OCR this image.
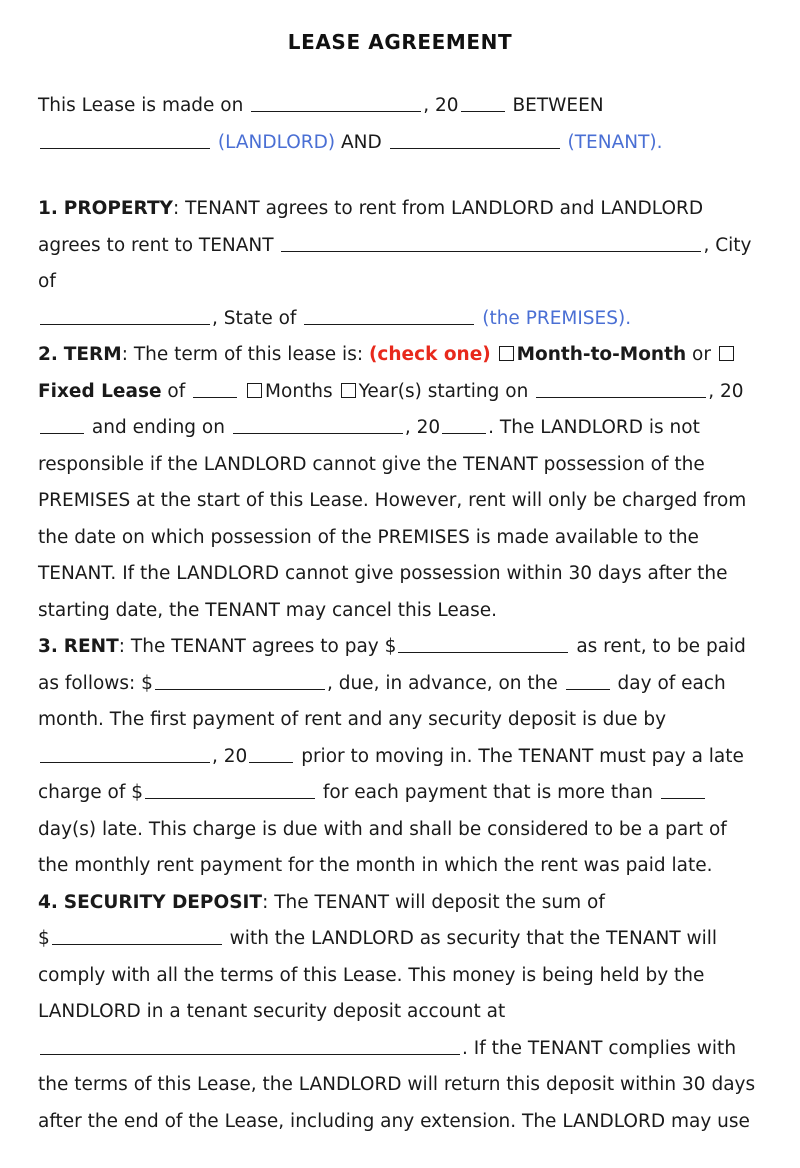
LEASE AGREEMENT

This Lease is made on	, 20	BETWEEN
(LANDLORD) AND	(TENANT).

1. PROPERTY: TENANT agrees to rent from LANDLORD and LANDLORD agrees to rent to TENANT	, City of
, State of	(the PREMISES).

2. TERM: The term of this lease is: (check one) Month-to-Month or
Fixed Lease of	Months Year(s) starting on	, 20
and ending on	, 20	. The LANDLORD is not responsible if the LANDLORD cannot give the TENANT possession of the PREMISES at the start of this Lease. However, rent will only be charged from the date on which possession of the PREMISES is made available to the TENANT. If the LANDLORD cannot give possession within 30 days after the starting date, the TENANT may cancel this Lease.

3. RENT: The TENANT agrees to pay $	as rent, to be paid as follows: $	, due, in advance, on the	day of each month. The first payment of rent and any security deposit is due by , 20	prior to moving in. The TENANT must pay a late charge of $	for each payment that is more than  day(s) late. This charge is due with and shall be considered to be a part of the monthly rent payment for the month in which the rent was paid late.

4. SECURITY DEPOSIT: The TENANT will deposit the sum of
$	with the LANDLORD as security that the TENANT will comply with all the terms of this Lease. This money is being held by the LANDLORD in a tenant security deposit account at
. If the TENANT complies with the terms of this Lease, the LANDLORD will return this deposit within 30 days after the end of the Lease, including any extension. The LANDLORD may use
